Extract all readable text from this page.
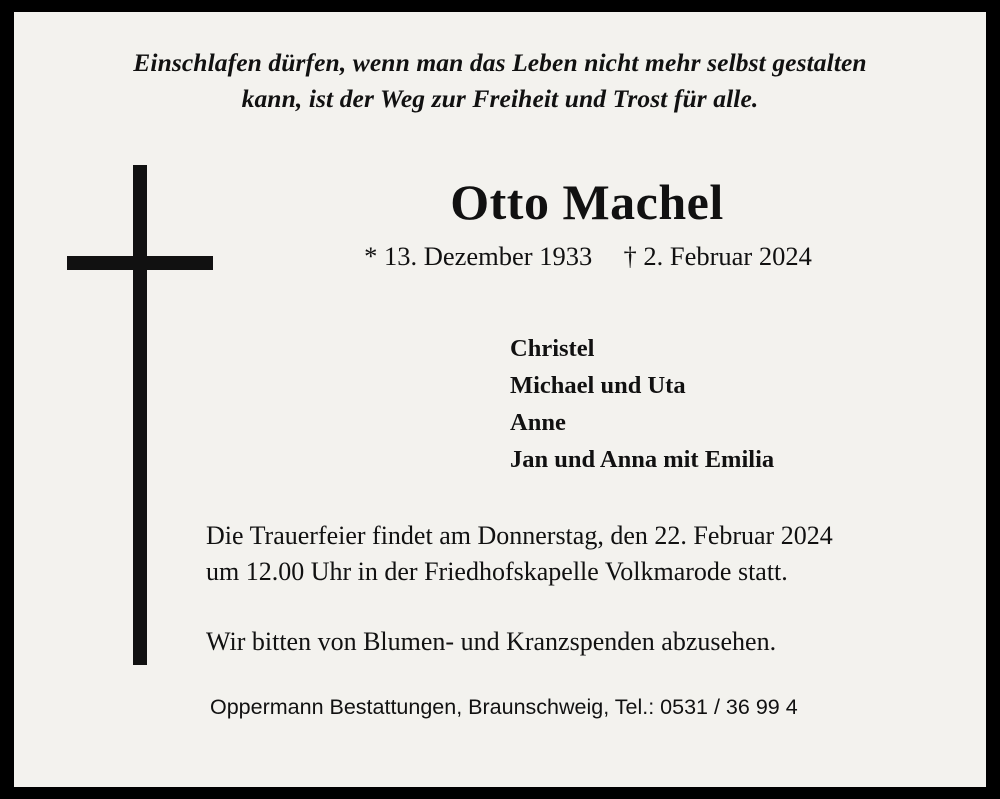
Einschlafen dürfen, wenn man das Leben nicht mehr selbst gestalten
kann, ist der Weg zur Freiheit und Trost für alle.
Otto Machel
* 13. Dezember 1933 † 2. Februar 2024
Christel
Michael und Uta
Anne
Jan und Anna mit Emilia
Die Trauerfeier findet am Donnerstag, den 22. Februar 2024
um 12.00 Uhr in der Friedhofskapelle Volkmarode statt.
Wir bitten von Blumen- und Kranzspenden abzusehen.
Oppermann Bestattungen, Braunschweig, Tel.: 0531 / 36 99 4
